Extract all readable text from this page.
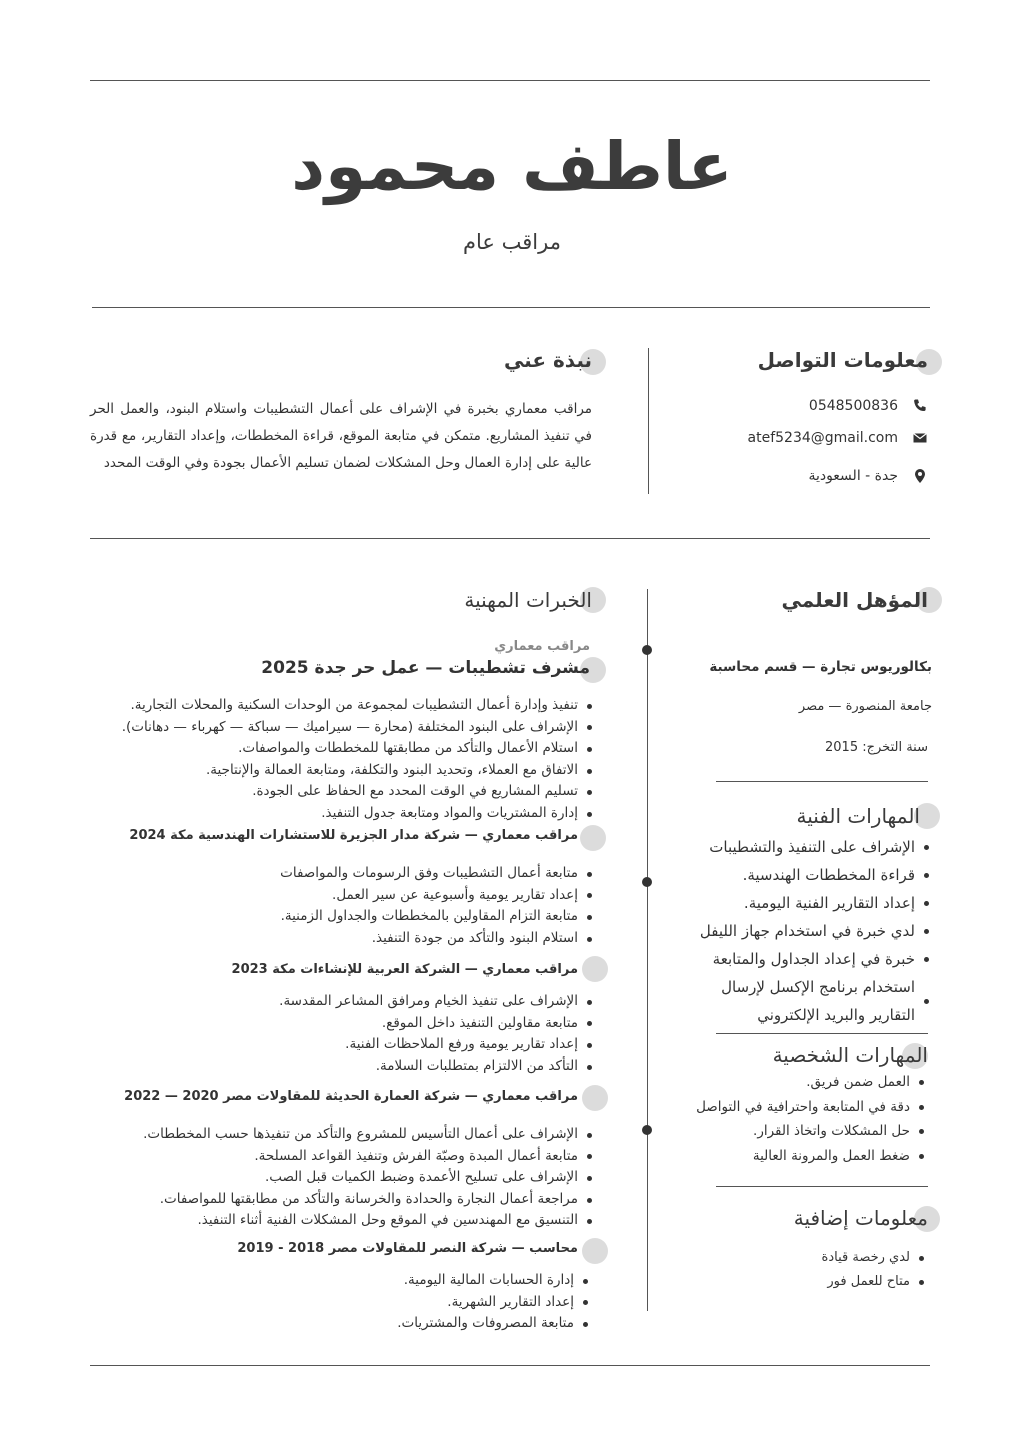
عاطف محمود
مراقب عام
معلومات التواصل
0548500836
atef5234@gmail.com
جدة - السعودية
نبذة عني
مراقب معماري بخبرة في الإشراف على أعمال التشطيبات واستلام البنود، والعمل الحر في تنفيذ المشاريع. متمكن في متابعة الموقع، قراءة المخططات، وإعداد التقارير، مع قدرة عالية على إدارة العمال وحل المشكلات لضمان تسليم الأعمال بجودة وفي الوقت المحدد
المؤهل العلمي
بكالوريوس تجارة — قسم محاسبة
جامعة المنصورة — مصر
سنة التخرج: 2015
المهارات الفنية
الإشراف على التنفيذ والتشطيبات
قراءة المخططات الهندسية.
إعداد التقارير الفنية اليومية.
لدي خبرة في استخدام جهاز الليفل
خبرة في إعداد الجداول والمتابعة
استخدام برنامج الإكسل لإرسال التقارير والبريد الإلكتروني
المهارات الشخصية
العمل ضمن فريق.
دقة في المتابعة واحترافية في التواصل
حل المشكلات واتخاذ القرار.
ضغط العمل والمرونة العالية
معلومات إضافية
لدي رخصة قيادة
متاح للعمل فور
الخبرات المهنية
مراقب معماري
مشرف تشطيبات — عمل حر جدة 2025
تنفيذ وإدارة أعمال التشطيبات لمجموعة من الوحدات السكنية والمحلات التجارية.
الإشراف على البنود المختلفة (محارة — سيراميك — سباكة — كهرباء — دهانات).
استلام الأعمال والتأكد من مطابقتها للمخططات والمواصفات.
الاتفاق مع العملاء، وتحديد البنود والتكلفة، ومتابعة العمالة والإنتاجية.
تسليم المشاريع في الوقت المحدد مع الحفاظ على الجودة.
إدارة المشتريات والمواد ومتابعة جدول التنفيذ.
مراقب معماري — شركة مدار الجزيرة للاستشارات الهندسية مكة 2024
متابعة أعمال التشطيبات وفق الرسومات والمواصفات
إعداد تقارير يومية وأسبوعية عن سير العمل.
متابعة التزام المقاولين بالمخططات والجداول الزمنية.
استلام البنود والتأكد من جودة التنفيذ.
مراقب معماري — الشركة العربية للإنشاءات مكة 2023
الإشراف على تنفيذ الخيام ومرافق المشاعر المقدسة.
متابعة مقاولين التنفيذ داخل الموقع.
إعداد تقارير يومية ورفع الملاحظات الفنية.
التأكد من الالتزام بمتطلبات السلامة.
مراقب معماري — شركة العمارة الحديثة للمقاولات مصر 2020 — 2022
الإشراف على أعمال التأسيس للمشروع والتأكد من تنفيذها حسب المخططات.
متابعة أعمال المبدة وصبّة الفرش وتنفيذ القواعد المسلحة.
الإشراف على تسليح الأعمدة وضبط الكميات قبل الصب.
مراجعة أعمال النجارة والحدادة والخرسانة والتأكد من مطابقتها للمواصفات.
التنسيق مع المهندسين في الموقع وحل المشكلات الفنية أثناء التنفيذ.
محاسب — شركة النصر للمقاولات مصر 2018 - 2019
إدارة الحسابات المالية اليومية.
إعداد التقارير الشهرية.
متابعة المصروفات والمشتريات.
